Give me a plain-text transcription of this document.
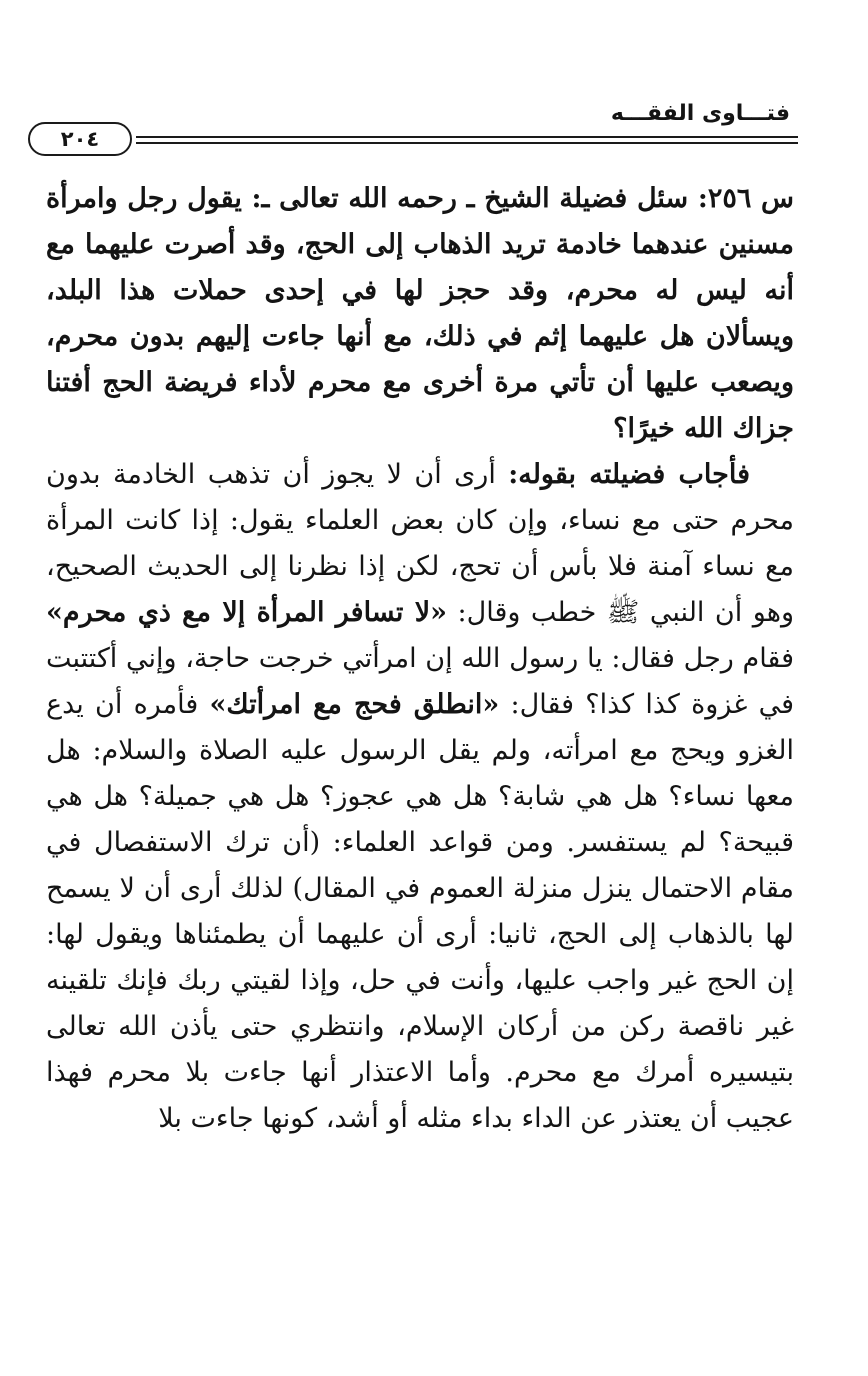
فتـــاوى الفقـــه
٢٠٤

س ٢٥٦: سئل فضيلة الشيخ ـ رحمه الله تعالى ـ: يقول رجل وامرأة مسنين عندهما خادمة تريد الذهاب إلى الحج، وقد أصرت عليهما مع أنه ليس له محرم، وقد حجز لها في إحدى حملات هذا البلد، ويسألان هل عليهما إثم في ذلك، مع أنها جاءت إليهم بدون محرم، ويصعب عليها أن تأتي مرة أخرى مع محرم لأداء فريضة الحج أفتنا جزاك الله خيرًا؟

فأجاب فضيلته بقوله: أرى أن لا يجوز أن تذهب الخادمة بدون محرم حتى مع نساء، وإن كان بعض العلماء يقول: إذا كانت المرأة مع نساء آمنة فلا بأس أن تحج، لكن إذا نظرنا إلى الحديث الصحيح، وهو أن النبي ﷺ خطب وقال: «لا تسافر المرأة إلا مع ذي محرم» فقام رجل فقال: يا رسول الله إن امرأتي خرجت حاجة، وإني أكتتبت في غزوة كذا كذا؟ فقال: «انطلق فحج مع امرأتك» فأمره أن يدع الغزو ويحج مع امرأته، ولم يقل الرسول عليه الصلاة والسلام: هل معها نساء؟ هل هي شابة؟ هل هي عجوز؟ هل هي جميلة؟ هل هي قبيحة؟ لم يستفسر. ومن قواعد العلماء: (أن ترك الاستفصال في مقام الاحتمال ينزل منزلة العموم في المقال) لذلك أرى أن لا يسمح لها بالذهاب إلى الحج، ثانيا: أرى أن عليهما أن يطمئناها ويقول لها: إن الحج غير واجب عليها، وأنت في حل، وإذا لقيتي ربك فإنك تلقينه غير ناقصة ركن من أركان الإسلام، وانتظري حتى يأذن الله تعالى بتيسيره أمرك مع محرم. وأما الاعتذار أنها جاءت بلا محرم فهذا عجيب أن يعتذر عن الداء بداء مثله أو أشد، كونها جاءت بلا
